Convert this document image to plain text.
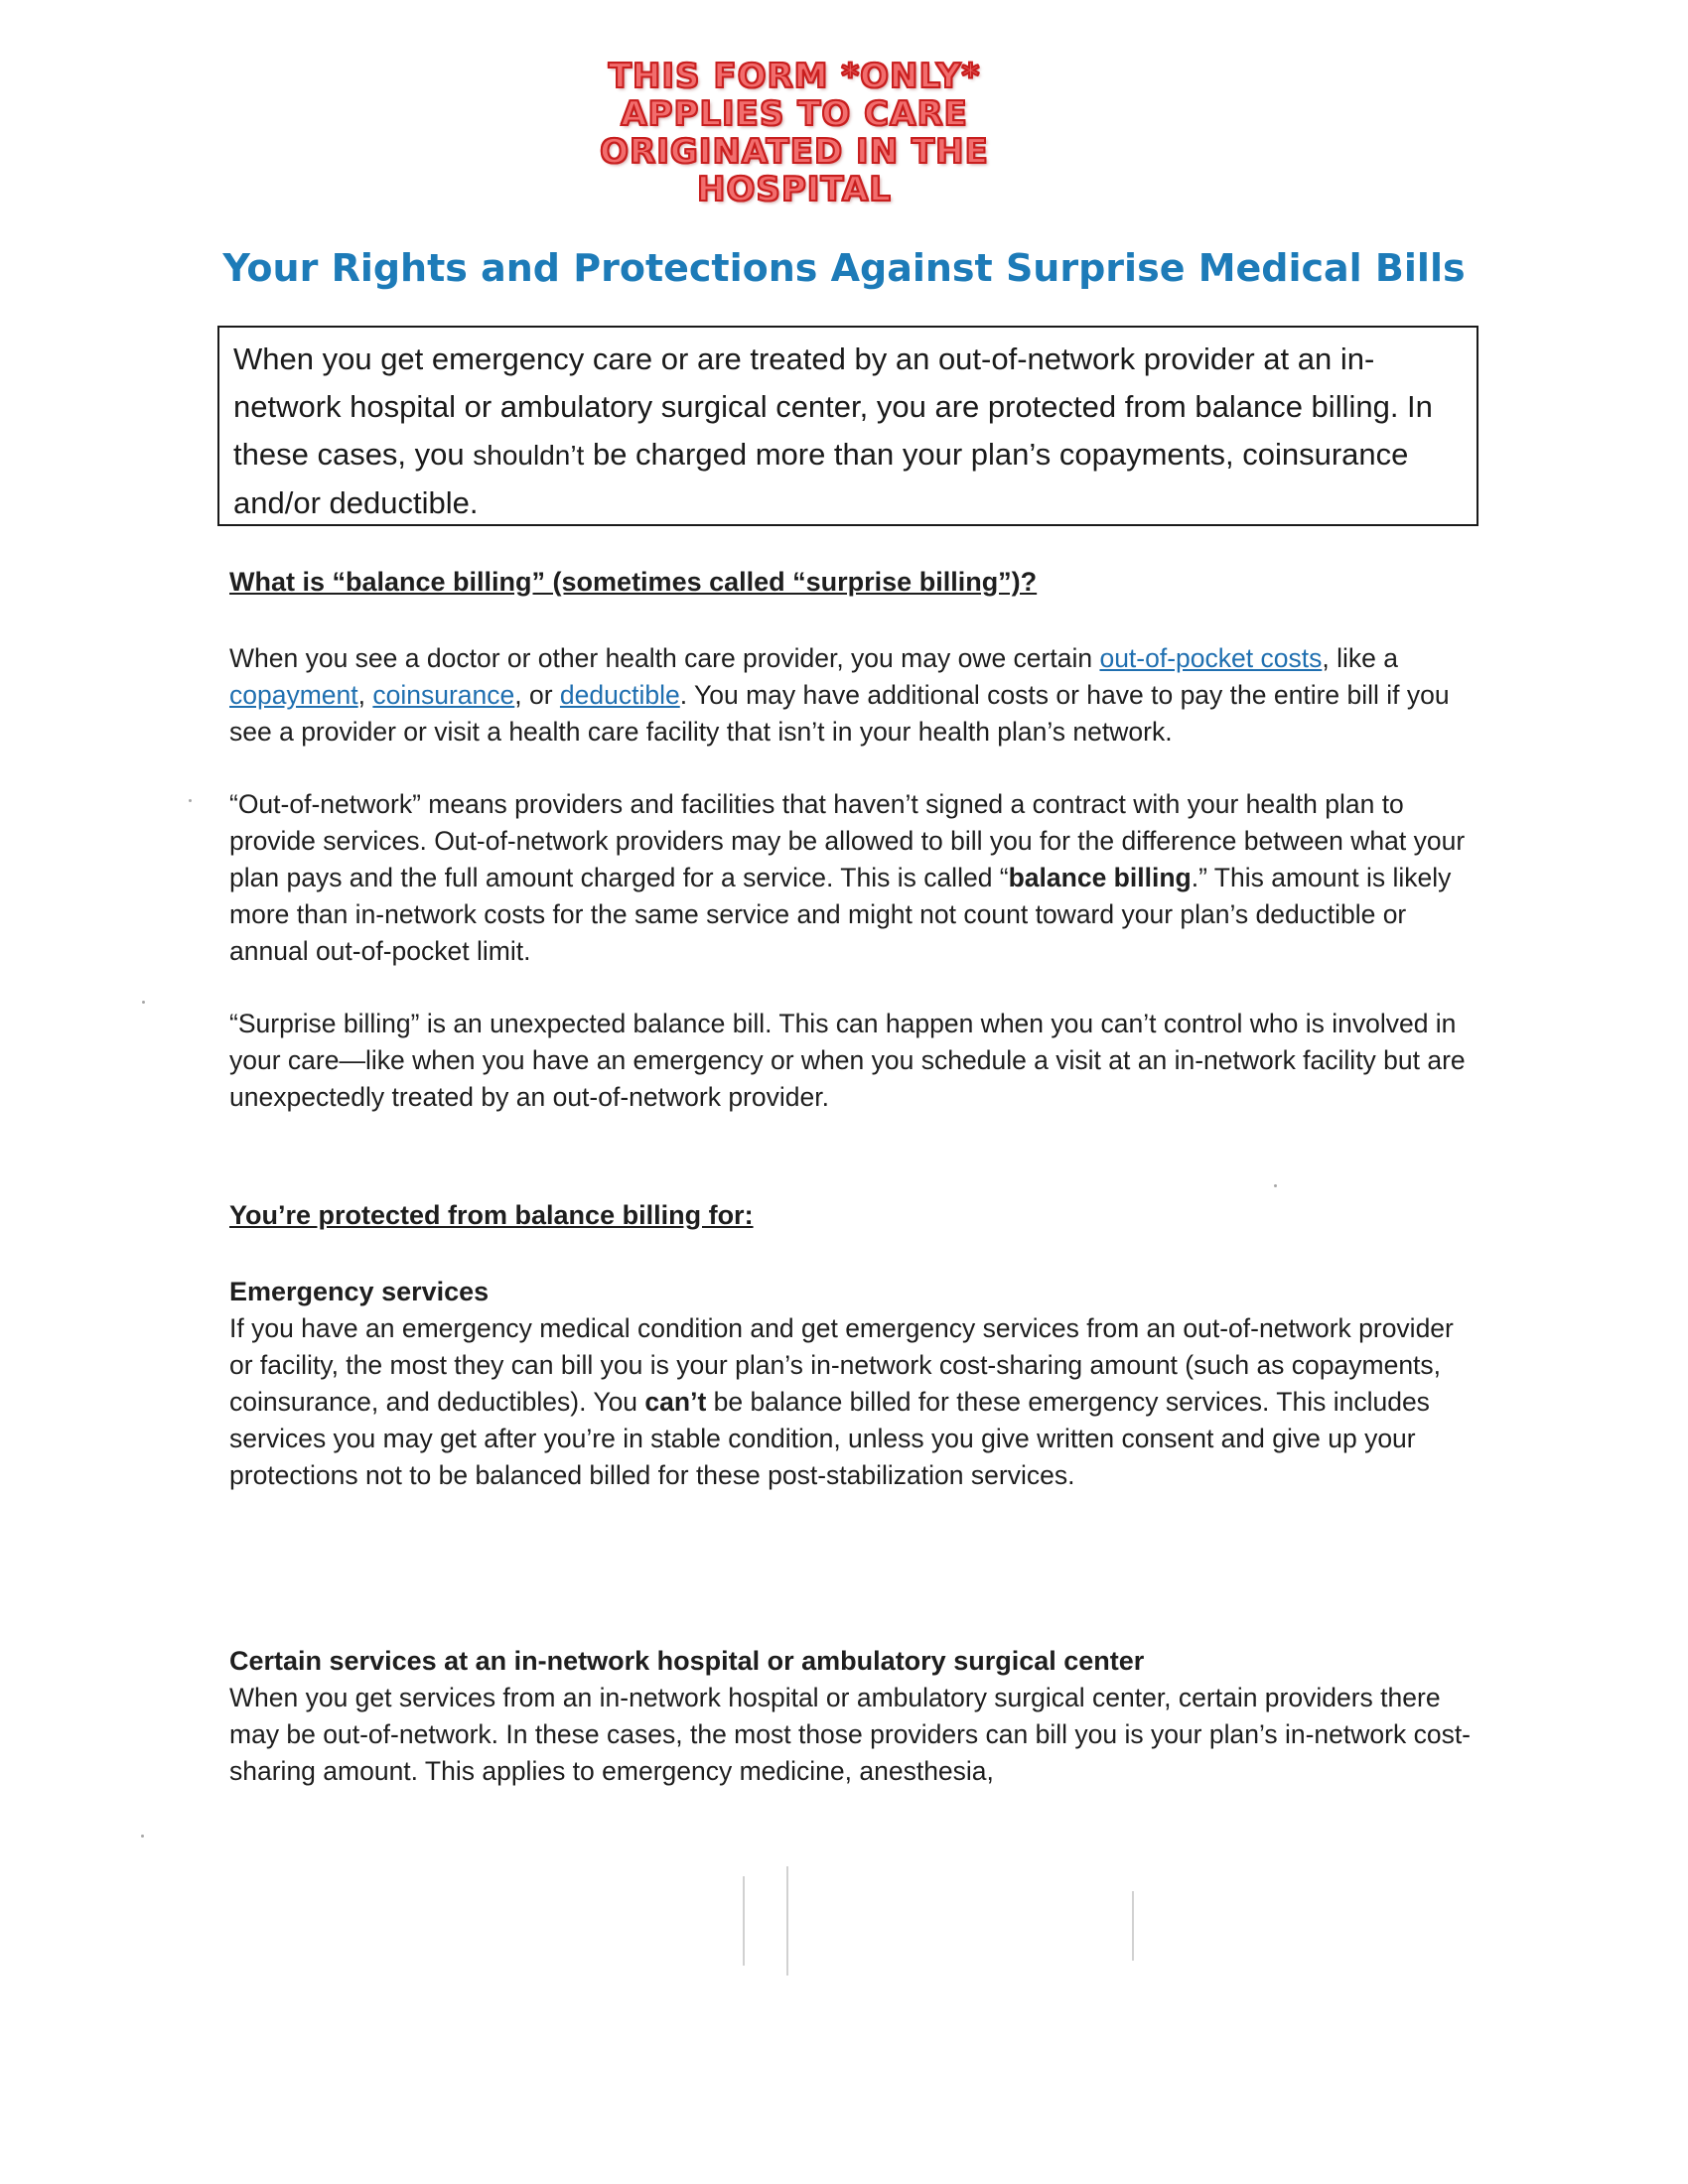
THIS FORM *ONLY*
APPLIES TO CARE
ORIGINATED IN THE
HOSPITAL
Your Rights and Protections Against Surprise Medical Bills
When you get emergency care or are treated by an out-of-network provider at an in-network hospital or ambulatory surgical center, you are protected from balance billing. In these cases, you shouldn’t be charged more than your plan’s copayments, coinsurance and/or deductible.

What is “balance billing” (sometimes called “surprise billing”)?

When you see a doctor or other health care provider, you may owe certain out-of-pocket costs, like a copayment, coinsurance, or deductible. You may have additional costs or have to pay the entire bill if you see a provider or visit a health care facility that isn’t in your health plan’s network.

“Out-of-network” means providers and facilities that haven’t signed a contract with your health plan to provide services. Out-of-network providers may be allowed to bill you for the difference between what your plan pays and the full amount charged for a service. This is called “balance billing.” This amount is likely more than in-network costs for the same service and might not count toward your plan’s deductible or annual out-of-pocket limit.

“Surprise billing” is an unexpected balance bill. This can happen when you can’t control who is involved in your care—like when you have an emergency or when you schedule a visit at an in-network facility but are unexpectedly treated by an out-of-network provider.

You’re protected from balance billing for:

Emergency services

If you have an emergency medical condition and get emergency services from an out-of-network provider or facility, the most they can bill you is your plan’s in-network cost-sharing amount (such as copayments, coinsurance, and deductibles). You can’t be balance billed for these emergency services. This includes services you may get after you’re in stable condition, unless you give written consent and give up your protections not to be balanced billed for these post-stabilization services.

Certain services at an in-network hospital or ambulatory surgical center

When you get services from an in-network hospital or ambulatory surgical center, certain providers there may be out-of-network. In these cases, the most those providers can bill you is your plan’s in-network cost-sharing amount. This applies to emergency medicine, anesthesia,
